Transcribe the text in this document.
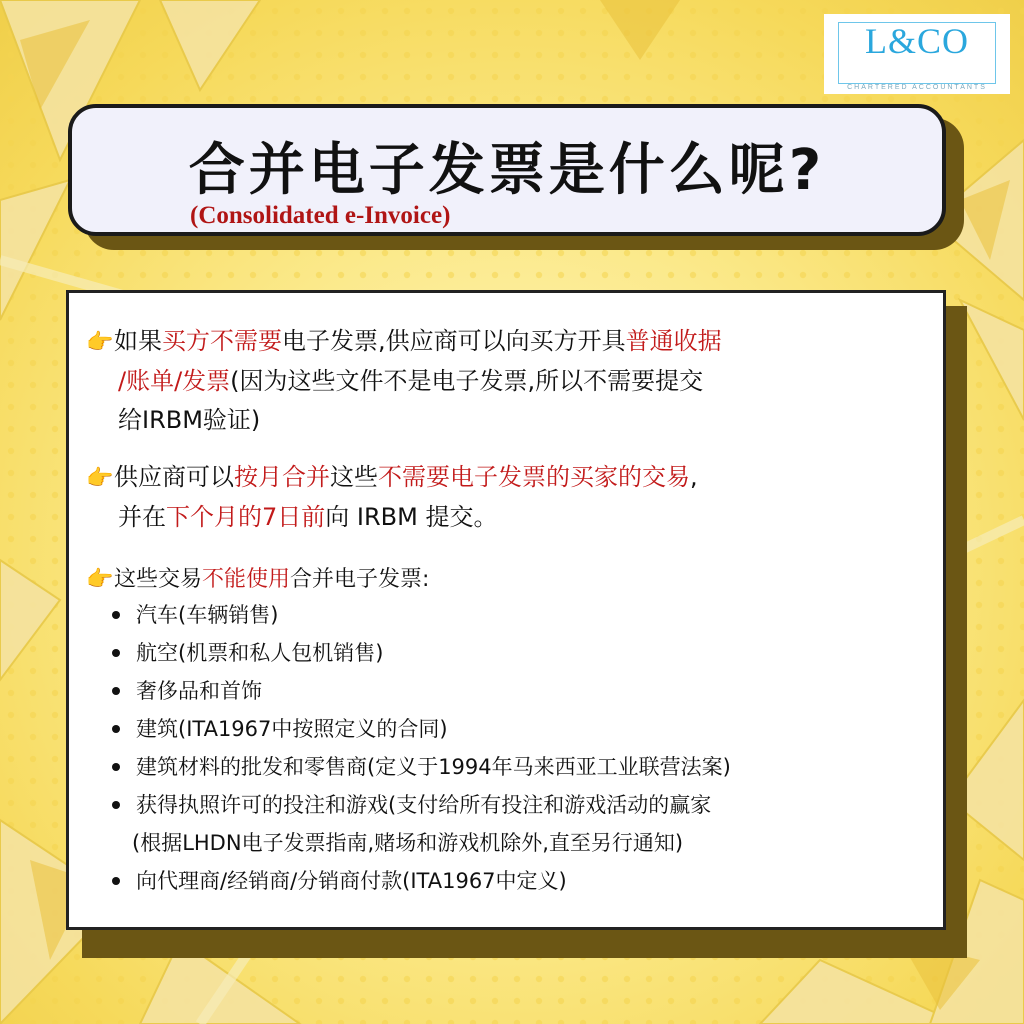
L&CO
CHARTERED ACCOUNTANTS
合并电子发票是什么呢?
(Consolidated e-Invoice)
👉如果买方不需要电子发票,供应商可以向买方开具普通收据
/账单/发票(因为这些文件不是电子发票,所以不需要提交
给IRBM验证)
👉供应商可以按月合并这些不需要电子发票的买家的交易,
并在下个月的7日前向 IRBM 提交。
👉这些交易不能使用合并电子发票:
汽车(车辆销售)
航空(机票和私人包机销售)
奢侈品和首饰
建筑(ITA1967中按照定义的合同)
建筑材料的批发和零售商(定义于1994年马来西亚工业联营法案)
获得执照许可的投注和游戏(支付给所有投注和游戏活动的赢家
(根据LHDN电子发票指南,赌场和游戏机除外,直至另行通知)
向代理商/经销商/分销商付款(ITA1967中定义)
